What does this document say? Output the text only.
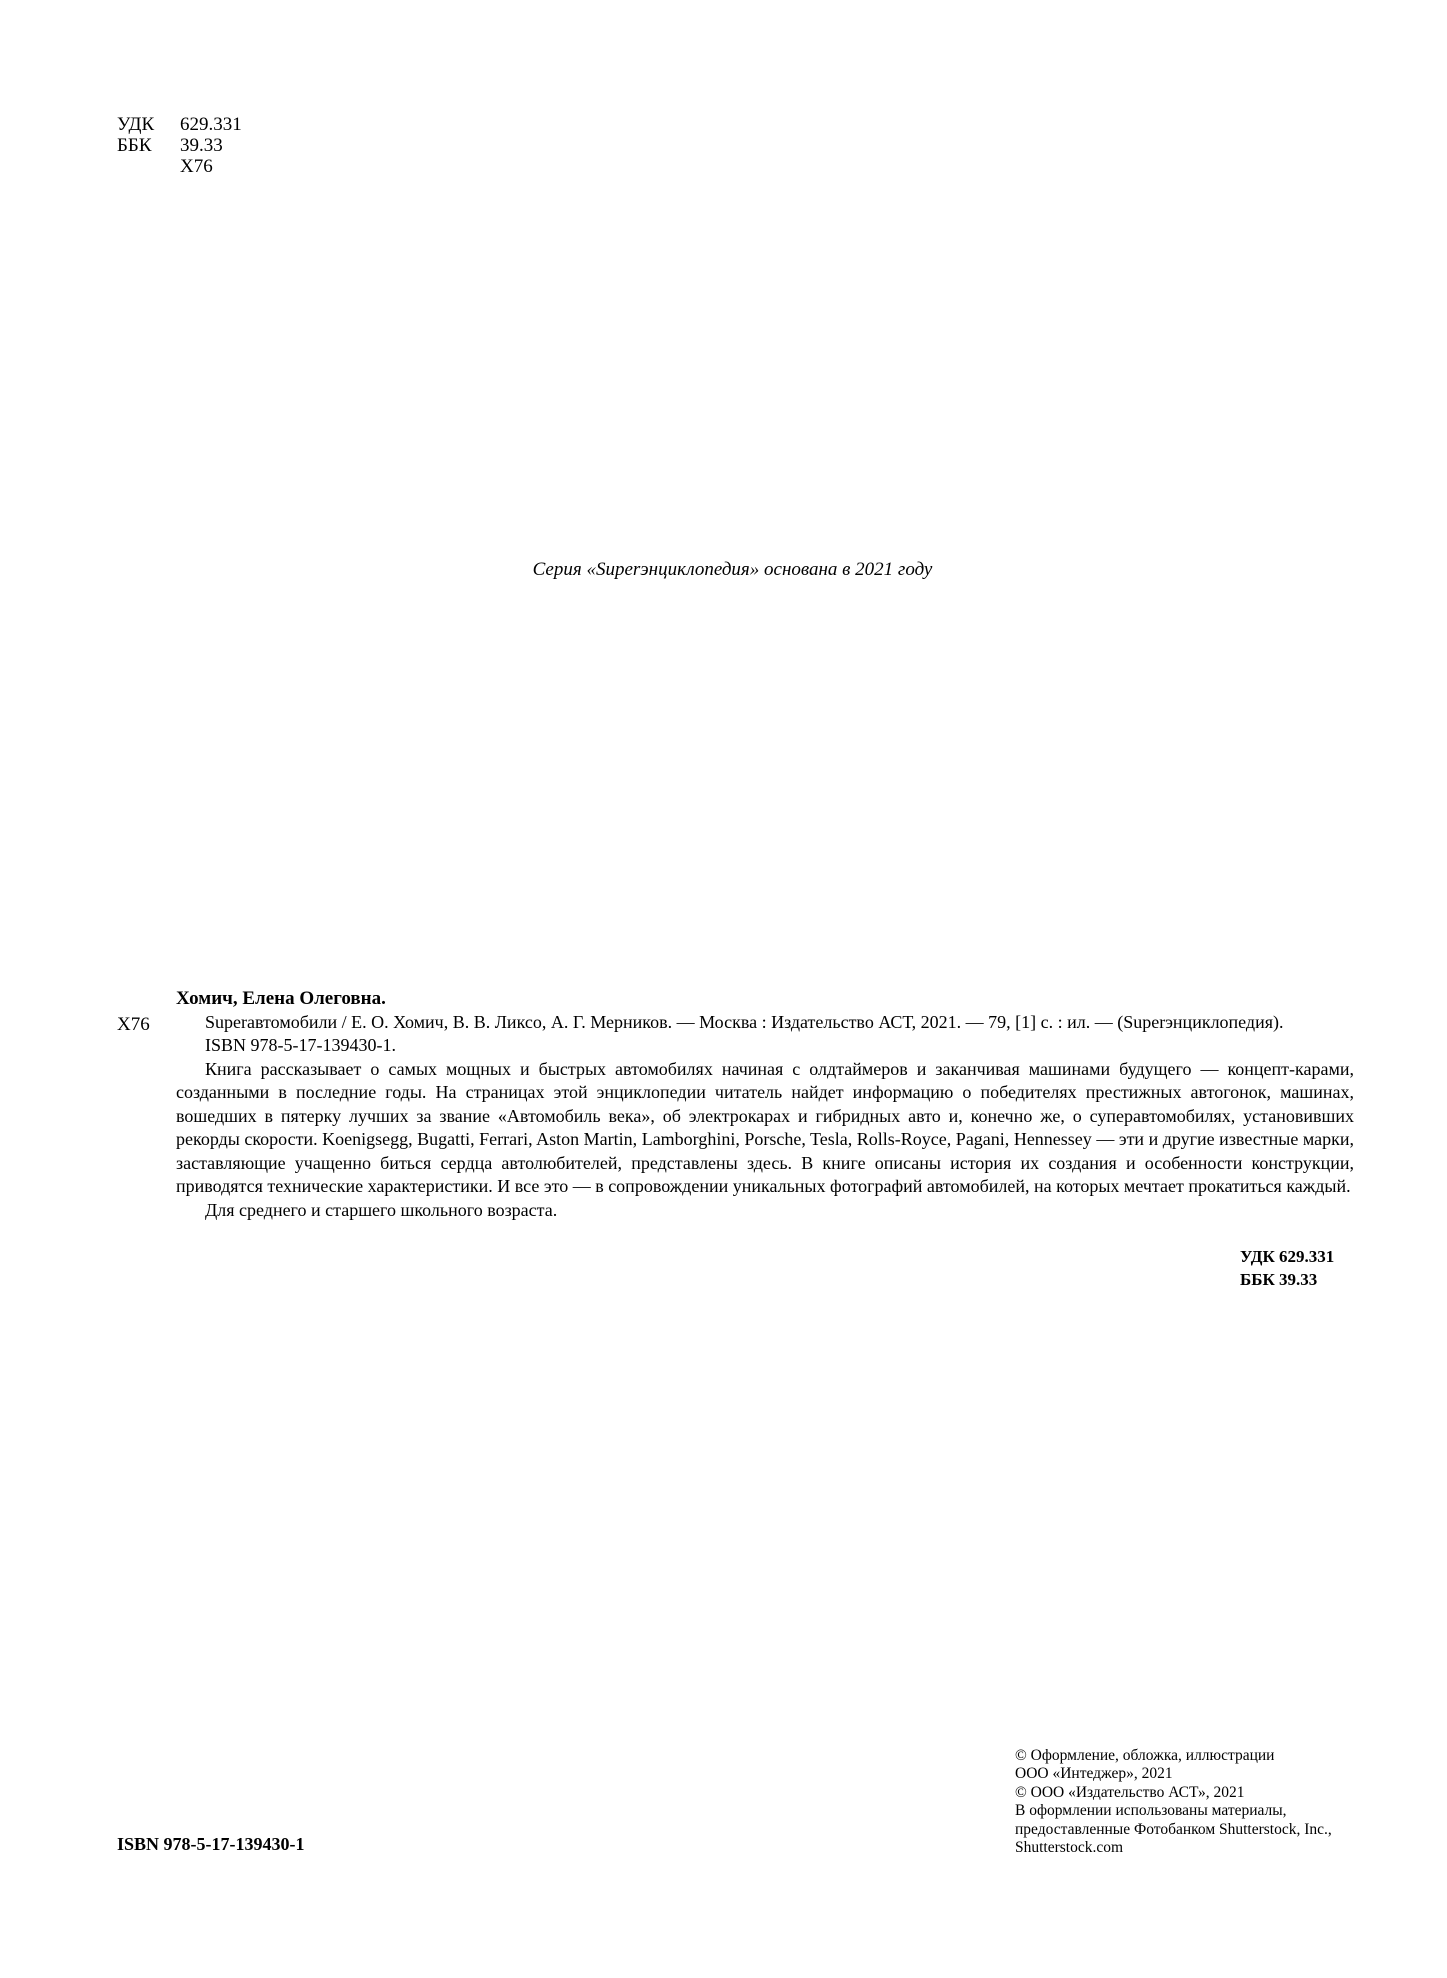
УДК	629.331
ББК	39.33
Х76
Серия «Superэнциклопедия» основана в 2021 году
Х76

Хомич, Елена Олеговна.

Superавтомобили / Е. О. Хомич, В. В. Ликсо, А. Г. Мерников. — Москва : Издательство АСТ, 2021. — 79, [1] с. : ил. — (Superэнциклопедия).

ISBN 978-5-17-139430-1.

Книга рассказывает о самых мощных и быстрых автомобилях начиная с олдтаймеров и заканчивая машинами будущего — концепт-карами, созданными в последние годы. На страницах этой энциклопедии читатель найдет информацию о победителях престижных автогонок, машинах, вошедших в пятерку лучших за звание «Автомобиль века», об электрокарах и гибридных авто и, конечно же, о суперавтомобилях, установивших рекорды скорости. Koenigsegg, Bugatti, Ferrari, Aston Martin, Lamborghini, Porsche, Tesla, Rolls-Royce, Pagani, Hennessey — эти и другие известные марки, заставляющие учащенно биться сердца автолюбителей, представлены здесь. В книге описаны история их создания и особенности конструкции, приводятся технические характеристики. И все это — в сопровождении уникальных фотографий автомобилей, на которых мечтает прокатиться каждый.

Для среднего и старшего школьного возраста.

УДК 629.331
ББК 39.33
© Оформление, обложка, иллюстрации
ООО «Интеджер», 2021
© ООО «Издательство АСТ», 2021
В оформлении использованы материалы,
предоставленные Фотобанком Shutterstock, Inc.,
Shutterstock.com
ISBN 978-5-17-139430-1
